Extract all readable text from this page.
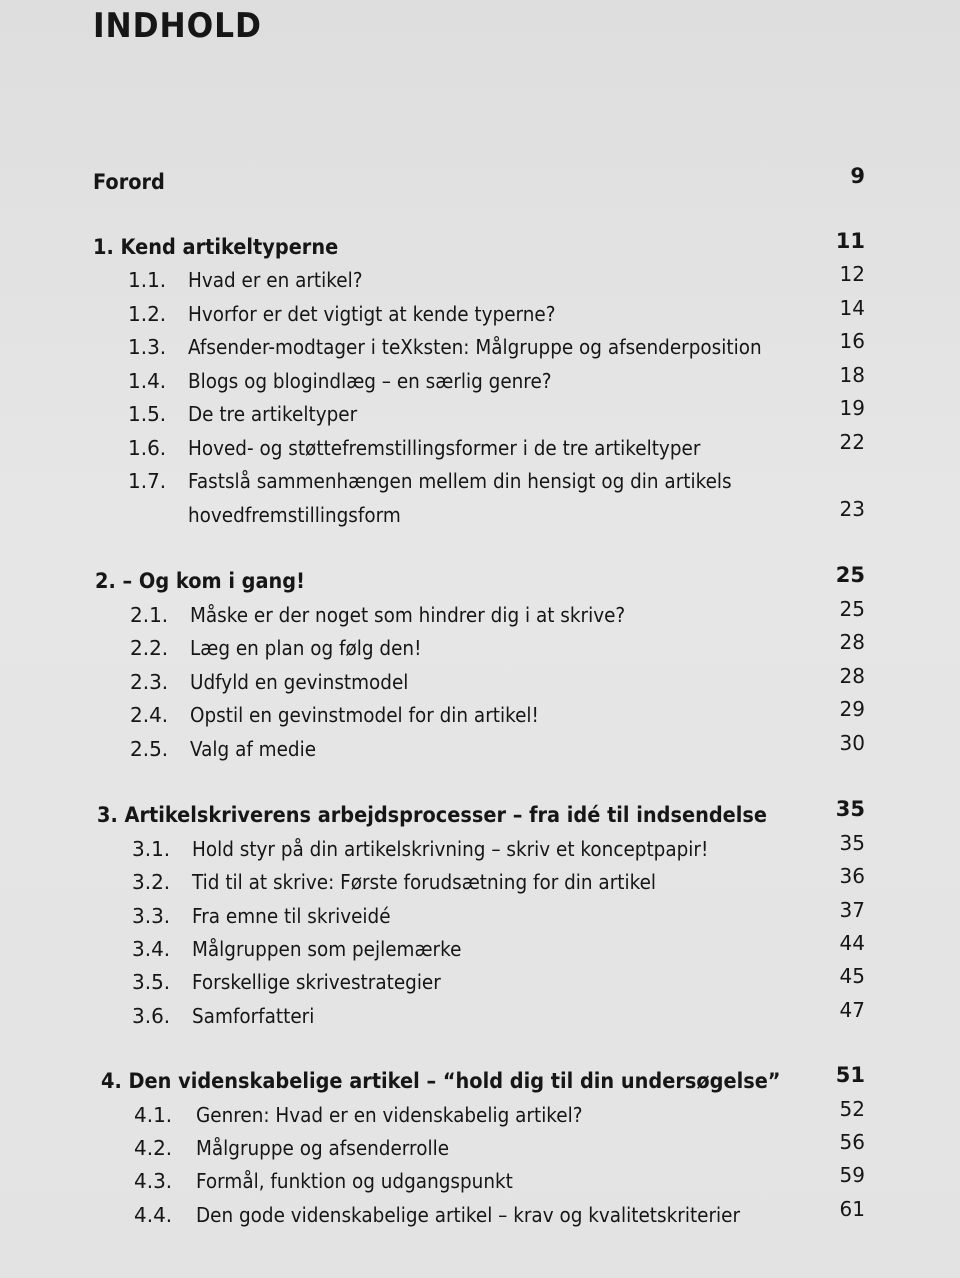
INDHOLD
Forord	9
1. Kend artikeltyperne	11
1.1. Hvad er en artikel?	12
1.2. Hvorfor er det vigtigt at kende typerne?	14
1.3. Afsender-modtager i teXksten: Målgruppe og afsenderposition	16
1.4. Blogs og blogindlæg – en særlig genre?	18
1.5. De tre artikeltyper	19
1.6. Hoved- og støttefremstillingsformer i de tre artikeltyper	22
1.7. Fastslå sammenhængen mellem din hensigt og din artikels
hovedfremstillingsform	23
2. – Og kom i gang!	25
2.1. Måske er der noget som hindrer dig i at skrive?	25
2.2. Læg en plan og følg den!	28
2.3. Udfyld en gevinstmodel	28
2.4. Opstil en gevinstmodel for din artikel!	29
2.5. Valg af medie	30
3. Artikelskriverens arbejdsprocesser – fra idé til indsendelse	35
3.1. Hold styr på din artikelskrivning – skriv et konceptpapir!	35
3.2. Tid til at skrive: Første forudsætning for din artikel	36
3.3. Fra emne til skriveidé	37
3.4. Målgruppen som pejlemærke	44
3.5. Forskellige skrivestrategier	45
3.6. Samforfatteri	47
4. Den videnskabelige artikel – “hold dig til din undersøgelse”	51
4.1. Genren: Hvad er en videnskabelig artikel?	52
4.2. Målgruppe og afsenderrolle	56
4.3. Formål, funktion og udgangspunkt	59
4.4. Den gode videnskabelige artikel – krav og kvalitetskriterier	61
